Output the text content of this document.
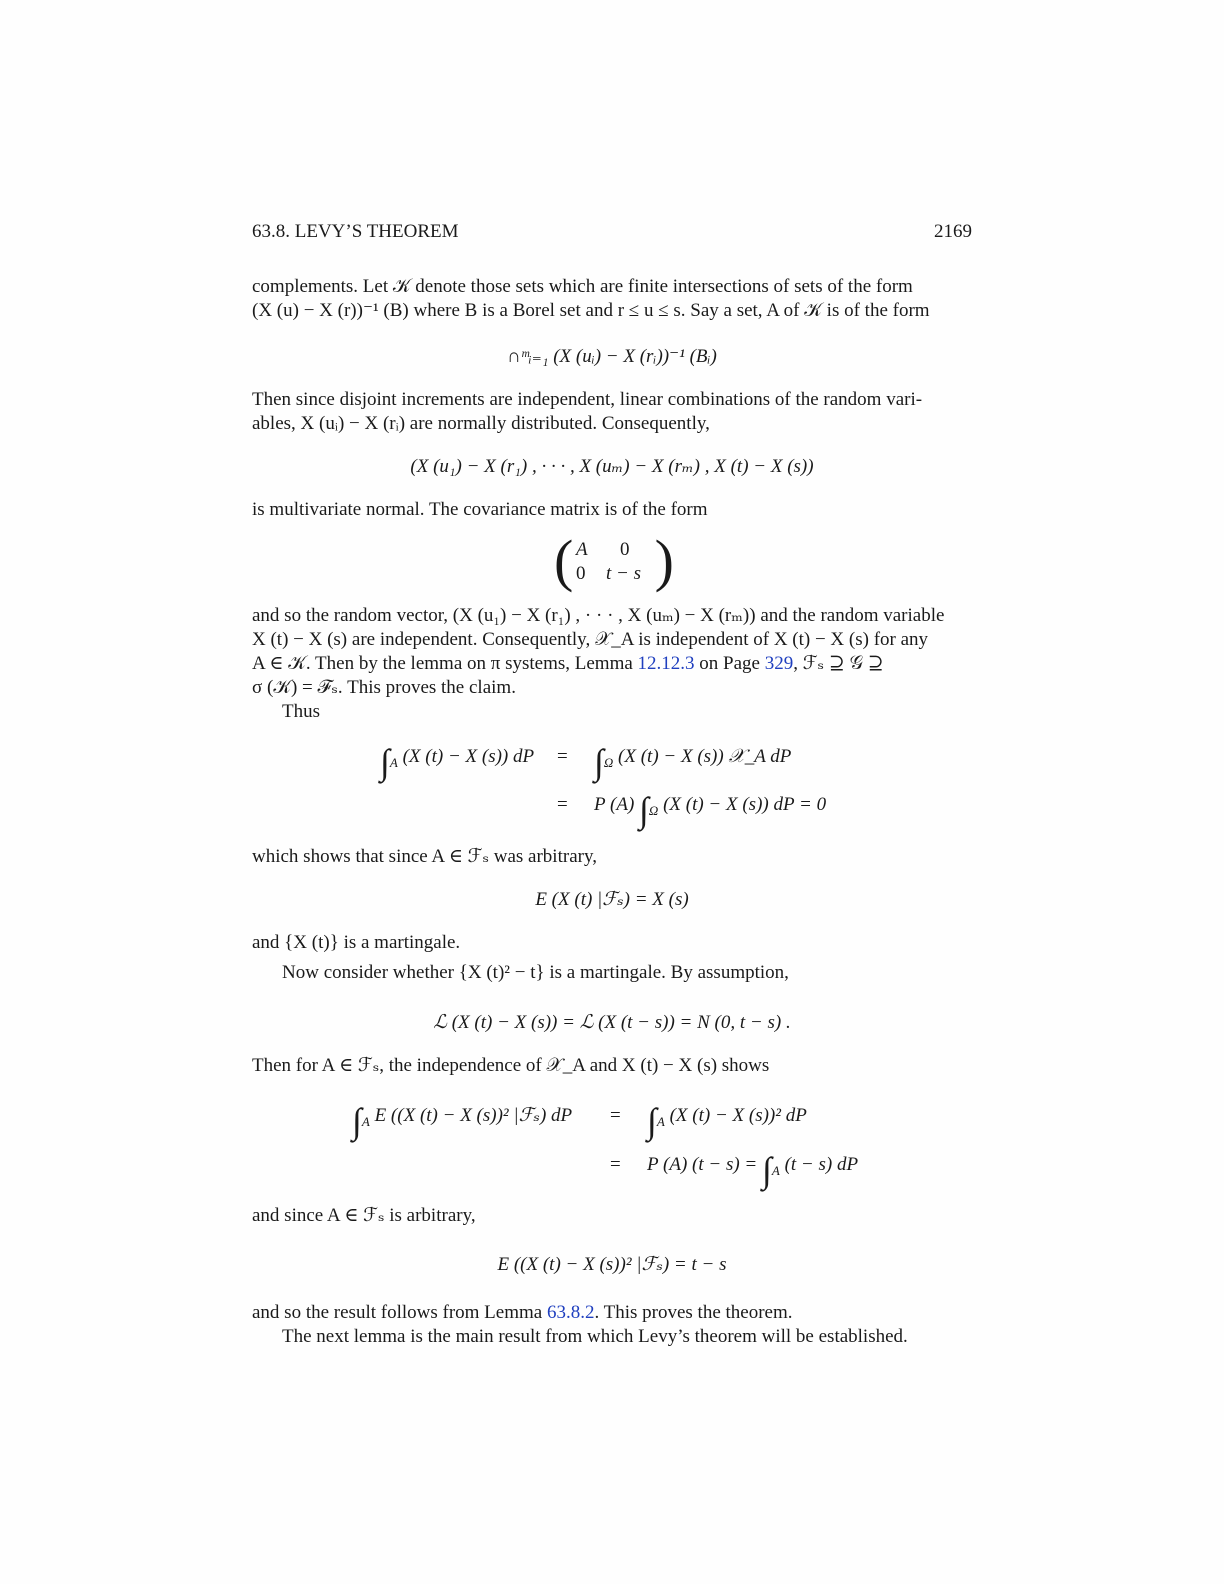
63.8. LEVY’S THEOREM	2169
complements. Let 𝒦 denote those sets which are finite intersections of sets of the form
(X (u) − X (r))⁻¹ (B) where B is a Borel set and r ≤ u ≤ s. Say a set, A of 𝒦 is of the form
∩ᵐᵢ₌₁ (X (uᵢ) − X (rᵢ))⁻¹ (Bᵢ)
Then since disjoint increments are independent, linear combinations of the random vari-
ables, X (uᵢ) − X (rᵢ) are normally distributed. Consequently,
(X (u₁) − X (r₁) , · · · , X (uₘ) − X (rₘ) , X (t) − X (s))
is multivariate normal. The covariance matrix is of the form
( A 0
0 t − s )
and so the random vector, (X (u₁) − X (r₁) , · · · , X (uₘ) − X (rₘ)) and the random variable
X (t) − X (s) are independent. Consequently, 𝒳_A is independent of X (t) − X (s) for any
A ∈ 𝒦. Then by the lemma on π systems, Lemma 12.12.3 on Page 329, ℱₛ ⊇ 𝒢 ⊇
σ (𝒦) = ℱₛ. This proves the claim.
Thus
$\int_A$ (X (t) − X (s)) dP = $\int_\Omega$ (X (t) − X (s)) 𝒳_A dP
= P (A) $\int_\Omega$ (X (t) − X (s)) dP = 0
which shows that since A ∈ ℱₛ was arbitrary,
E (X (t) |ℱₛ) = X (s)
and {X (t)} is a martingale.
Now consider whether {X (t)² − t} is a martingale. By assumption,
ℒ (X (t) − X (s)) = ℒ (X (t − s)) = N (0, t − s) .
Then for A ∈ ℱₛ, the independence of 𝒳_A and X (t) − X (s) shows
$\int_A$ E ((X (t) − X (s))² |ℱₛ) dP = $\int_A$ (X (t) − X (s))² dP
= P (A) $(t - s) = \int_A$ (t − s) dP
and since A ∈ ℱₛ is arbitrary,
E ((X (t) − X (s))² |ℱₛ) = t − s
and so the result follows from Lemma 63.8.2. This proves the theorem.
The next lemma is the main result from which Levy’s theorem will be established.
